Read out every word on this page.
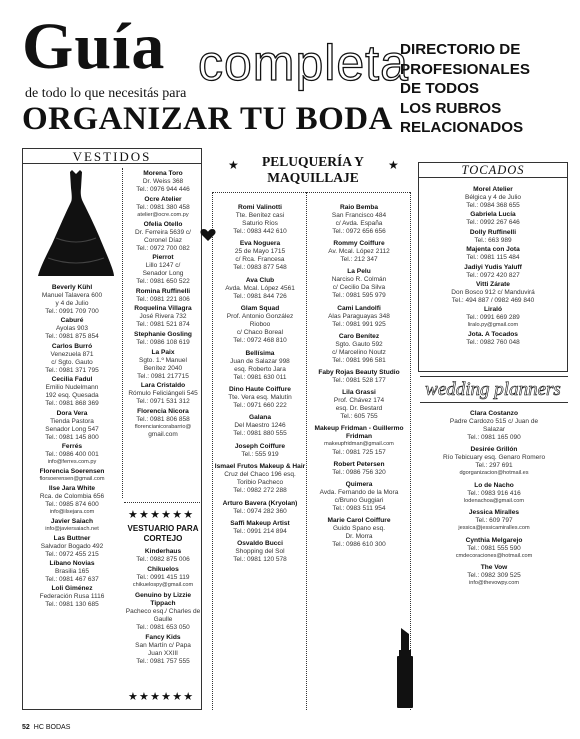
Guía completa
de todo lo que necesitás para
ORGANIZAR TU BODA
DIRECTORIO DE
PROFESIONALES
DE TODOS
LOS RUBROS
RELACIONADOS
VESTIDOS
Beverly Kühl
Manuel Talavera 600
y 4 de Julio
Tel.: 0991 709 700
Caburé
Ayolas 903
Tel.: 0981 875 854
Carlos Burró
Venezuela 871
c/ Sgto. Gauto
Tel.: 0981 371 795
Cecilia Fadul
Emilio Nudelmann
192 esq. Quesada
Tel.: 0981 868 369
Dora Vera
Tienda Pastora
Senador Long 547
Tel.: 0981 145 800
Ferrés
Tel.: 0986 400 001
info@ferres.com.py
Florencia Soerensen
florsoerensen@gmail.com
Ilse Jara White
Rca. de Colombia 656
Tel.: 0985 874 600
info@ilsejara.com
Javier Saiach
info@javiersaiach.net
Las Buttner
Salvador Bogado 492
Tel.: 0972 455 215
Líbano Novias
Brasilia 165
Tel.: 0981 467 637
Loli Giménez
Federación Rusa 1116
Tel.: 0981 130 685
Morena Toro
Dr. Weiss 368
Tel.: 0976 944 446
Ocre Atelier
Tel.: 0981 380 458
atelier@ocre.com.py
Ofelia Otello
Dr. Ferreira 5639 c/
Coronel Díaz
Tel.: 0972 700 082
Pierrot
Lillo 1247 c/
Senador Long
Tel.: 0981 650 522
Romina Ruffinelli
Tel.: 0981 221 806
Roquelina Villagra
José Rivera 732
Tel.: 0981 521 874
Stephanie Gosling
Tel.: 0986 108 619
La Paix
Sgto. 1.º Manuel
Benítez 2040
Tel.: 0981 217715
Lara Cristaldo
Rómulo Feliciángeli 545
Tel.: 0971 531 312
Florencia Nicora
Tel.: 0981 806 858
florencianicorabarrio@
gmail.com
★★★★★★
VESTUARIO PARA CORTEJO
Kinderhaus
Tel.: 0982 875 006
Chikuelos
Tel.: 0991 415 119
chikuelospy@gmail.com
Genuino by Lizzie Tippach
Pacheco esq./ Charles de
Gaulle
Tel.: 0981 653 050
Fancy Kids
San Martín c/ Papa
Juan XXIII
Tel.: 0981 757 555
★★★★★★
★	★
PELUQUERÍA Y
MAQUILLAJE
Romi Valinotti
Tte. Benítez casi
Saturio Ríos
Tel.: 0983 442 610
Eva Noguera
25 de Mayo 1715
c/ Rca. Francesa
Tel.: 0983 877 548
Ava Club
Avda. Mcal. López 4561
Tel.: 0981 844 726
Glam Squad
Prof. Antonio González
Rioboo
c/ Chaco Boreal
Tel.: 0972 468 810
Bellísima
Juan de Salazar 998
esq. Roberto Jara
Tel.: 0981 630 011
Dino Haute Coiffure
Tte. Vera esq. Malutín
Tel.: 0971 660 222
Galana
Del Maestro 1246
Tel.: 0981 880 555
Joseph Coiffure
Tel.: 555 919
Ismael Frutos Makeup & Hair
Cruz del Chaco 196 esq.
Toribio Pacheco
Tel.: 0982 272 288
Arturo Bavera (Kryolan)
Tel.: 0974 282 360
Saffi Makeup Artist
Tel.: 0991 214 894
Osvaldo Bucci
Shopping del Sol
Tel.: 0981 120 578
Raio Bemba
San Francisco 484
c/ Avda. España
Tel.: 0972 656 656
Rommy Coiffure
Av. Mcal. López 2112
Tel.: 212 347
La Pelu
Narciso R. Colmán
c/ Cecilio Da Silva
Tel.: 0981 595 979
Cami Landolfi
Alas Paraguayas 348
Tel.: 0981 991 925
Caro Benítez
Sgto. Gauto 592
c/ Marcelino Noutz
Tel.: 0981 996 581
Faby Rojas Beauty Studio
Tel.: 0981 528 177
Lila Grassi
Prof. Chávez 174
esq. Dr. Bestard
Tel.: 605 755
Makeup Fridman - Guillermo Fridman
makeupfridman@gmail.com
Tel.: 0981 725 157
Robert Petersen
Tel.: 0986 756 320
Quimera
Avda. Fernando de la Mora
c/Bruno Guggiari
Tel.: 0983 511 954
Marie Carol Coiffure
Guido Spano esq.
Dr. Morra
Tel.: 0986 610 300
TOCADOS
Morel Atelier
Bélgica y 4 de Julio
Tel.: 0984 368 655
Gabriela Lucía
Tel.: 0992 267 646
Dolly Ruffinelli
Tel.: 663 989
Majenta con Jota
Tel.: 0981 115 484
Jadiyi Yudis Yaluff
Tel.: 0972 420 827
Vitti Zárate
Don Bosco 912 c/ Manduvirá
Tel.: 494 887 / 0982 469 840
Liraló
Tel.: 0991 669 289
liralo.py@gmail.com
Jota. A Tocados
Tel.: 0982 760 048
wedding planners
Clara Costanzo
Padre Cardozo 515 c/ Juan de
Salazar
Tel.: 0981 165 090
Desirée Grillón
Río Tebicuary esq. Genaro Romero
Tel.: 297 691
dgorganizacion@hotmail.es
Lo de Nacho
Tel.: 0983 916 416
lodenachoa@gmail.com
Jessica Miralles
Tel.: 609 797
jessica@jessicamiralles.com
Cynthia Melgarejo
Tel.: 0981 555 590
cmdecoraciones@hotmail.com
The Vow
Tel.: 0982 309 525
info@thevowpy.com
52 HC BODAS
